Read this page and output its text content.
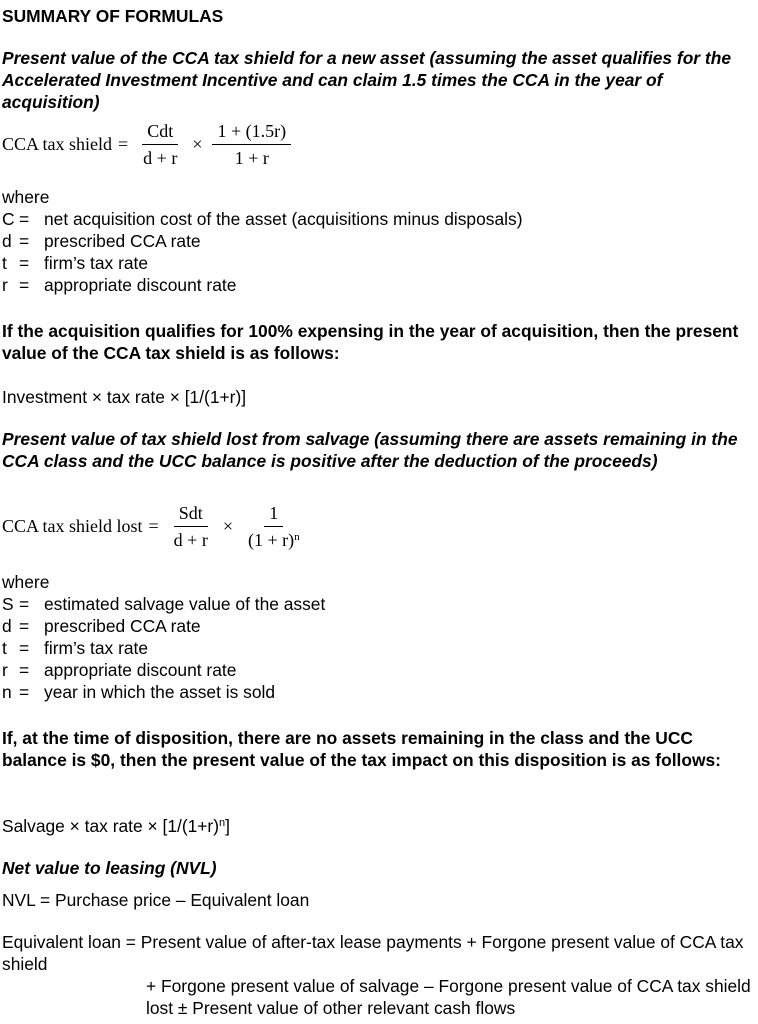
SUMMARY OF FORMULAS
Present value of the CCA tax shield for a new asset (assuming the asset qualifies for the Accelerated Investment Incentive and can claim 1.5 times the CCA in the year of acquisition)
CCA tax shield = $\frac{\text{Cdt}}{d + r} \times \frac{1 + (1.5r)}{1 + r}$
where
C = net acquisition cost of the asset (acquisitions minus disposals)
d = prescribed CCA rate
t = firm’s tax rate
r = appropriate discount rate
If the acquisition qualifies for 100% expensing in the year of acquisition, then the present value of the CCA tax shield is as follows:
Investment × tax rate × [1/(1+r)]
Present value of tax shield lost from salvage (assuming there are assets remaining in the CCA class and the UCC balance is positive after the deduction of the proceeds)
CCA tax shield lost = $\frac{\text{Sdt}}{d + r} \times \frac{1}{(1 + r)^n}$
where
S = estimated salvage value of the asset
d = prescribed CCA rate
t = firm’s tax rate
r = appropriate discount rate
n = year in which the asset is sold
If, at the time of disposition, there are no assets remaining in the class and the UCC balance is $0, then the present value of the tax impact on this disposition is as follows:
Salvage × tax rate × $[1/(1+r)^n]$
Net value to leasing (NVL)
NVL = Purchase price – Equivalent loan
Equivalent loan = Present value of after-tax lease payments + Forgone present value of CCA tax shield
+ Forgone present value of salvage – Forgone present value of CCA tax shield lost ± Present value of other relevant cash flows
